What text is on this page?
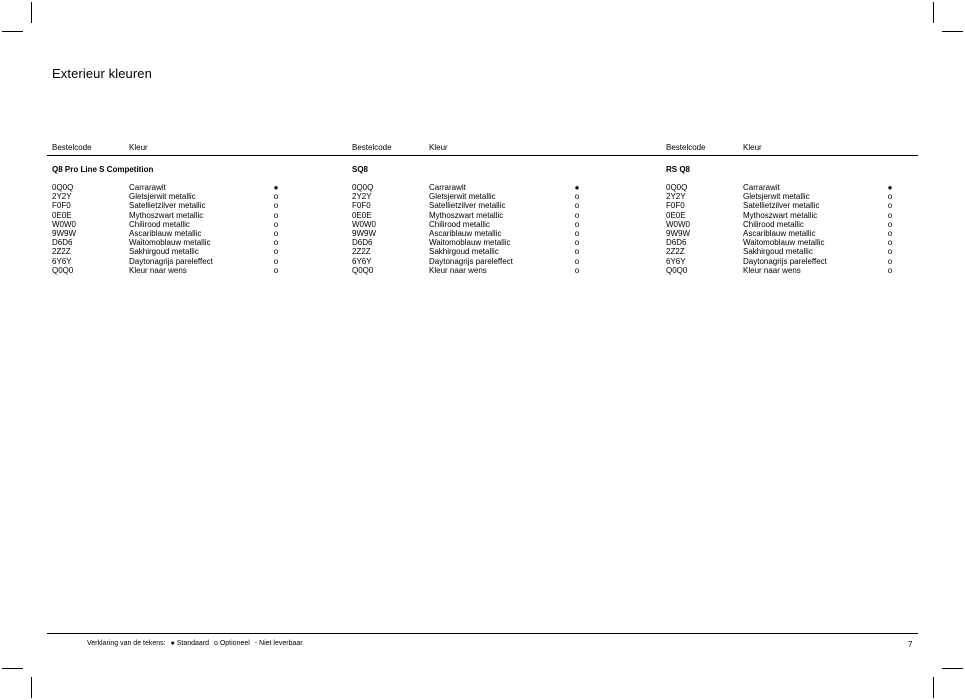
Exterieur kleuren
Bestelcode	Kleur
Q8 Pro Line S Competition
0Q0Q	Carrarawit	●
2Y2Y	Gletsjerwit metallic	o
F0F0	Satellietzilver metallic	o
0E0E	Mythoszwart metallic	o
W0W0	Chilirood metallic	o
9W9W	Ascariblauw metallic	o
D6D6	Waitomoblauw metallic	o
2Z2Z	Sakhirgoud metallic	o
6Y6Y	Daytonagrijs pareleffect	o
Q0Q0	Kleur naar wens	o
Bestelcode	Kleur
SQ8
0Q0Q	Carrarawit	●
2Y2Y	Gletsjerwit metallic	o
F0F0	Satellietzilver metallic	o
0E0E	Mythoszwart metallic	o
W0W0	Chilirood metallic	o
9W9W	Ascariblauw metallic	o
D6D6	Waitomoblauw metallic	o
2Z2Z	Sakhirgoud metallic	o
6Y6Y	Daytonagrijs pareleffect	o
Q0Q0	Kleur naar wens	o
Bestelcode	Kleur
RS Q8
0Q0Q	Carrarawit	●
2Y2Y	Gletsjerwit metallic	o
F0F0	Satellietzilver metallic	o
0E0E	Mythoszwart metallic	o
W0W0	Chilirood metallic	o
9W9W	Ascariblauw metallic	o
D6D6	Waitomoblauw metallic	o
2Z2Z	Sakhirgoud metallic	o
6Y6Y	Daytonagrijs pareleffect	o
Q0Q0	Kleur naar wens	o
Verklaring van de tekens: ● Standaard o Optioneel - Niet leverbaar	7
